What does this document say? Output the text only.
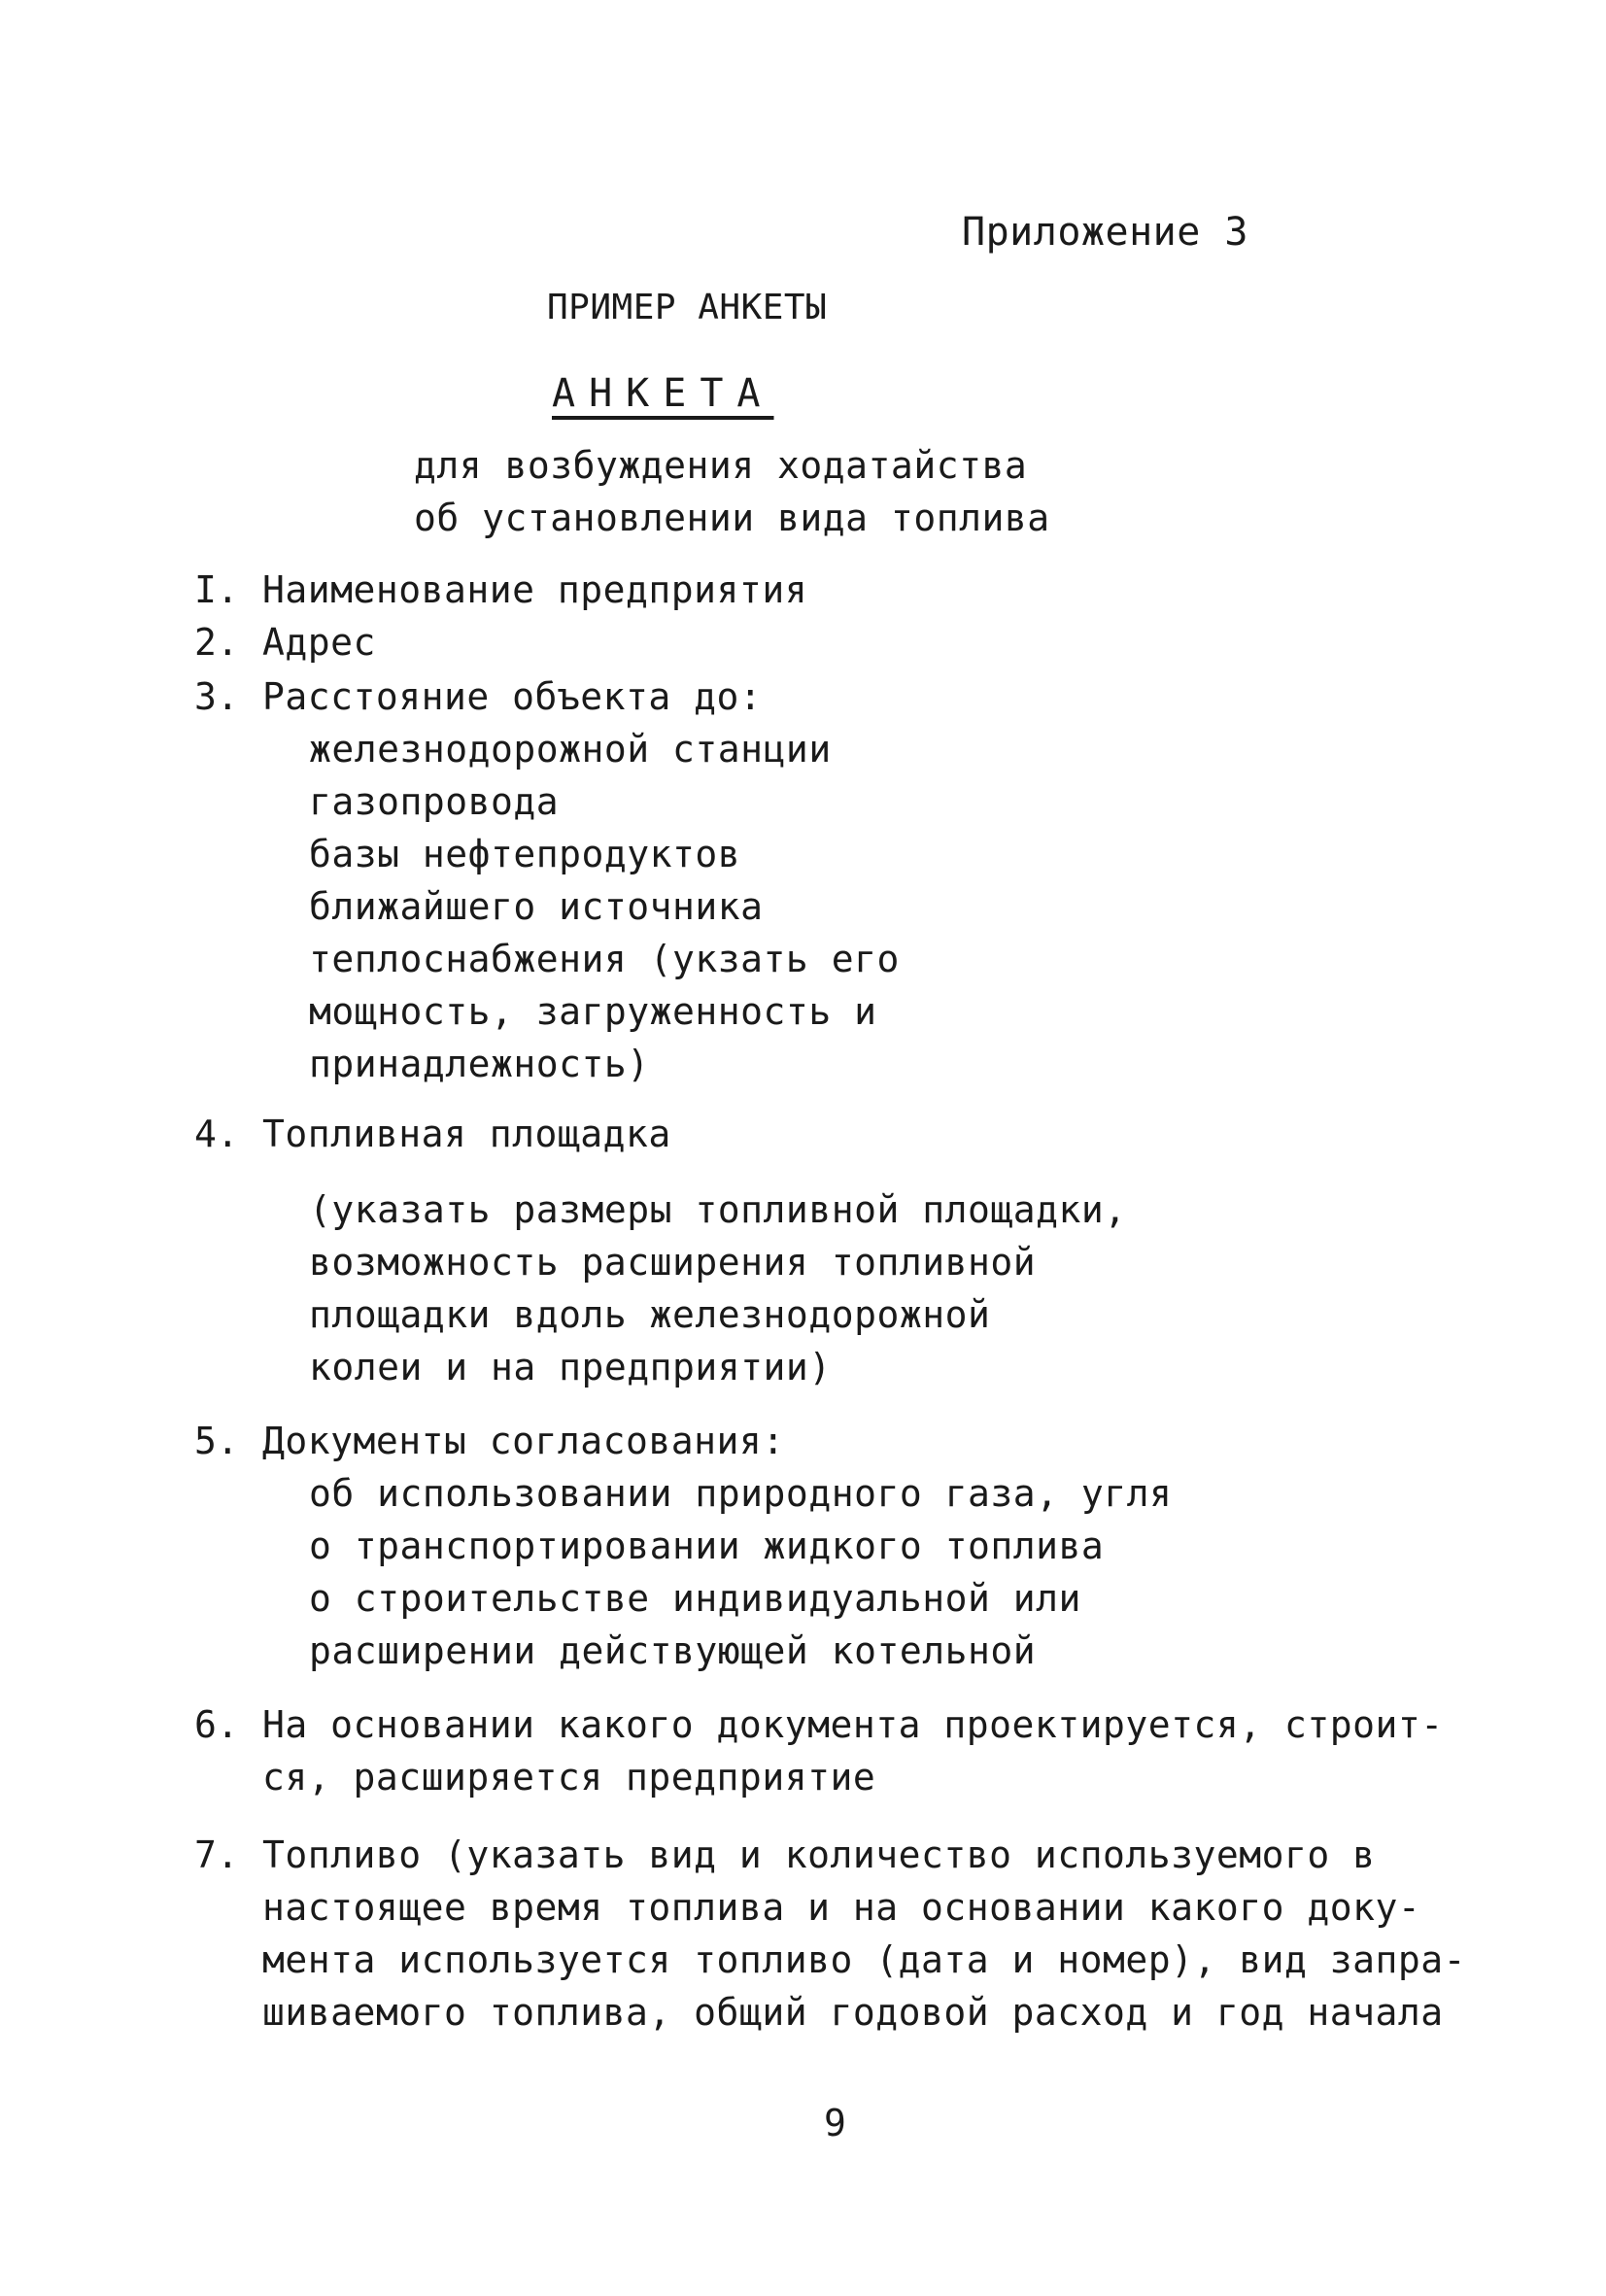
Приложение 3
ПРИМЕР АНКЕТЫ
АНКЕТА
для возбуждения ходатайства
об установлении вида топлива
I. Наименование предприятия
2. Адрес
3. Расстояние объекта до:
железнодорожной станции
газопровода
базы нефтепродуктов
ближайшего источника
теплоснабжения (укзать его
мощность, загруженность и
принадлежность)
4. Топливная площадка
(указать размеры топливной площадки,
возможность расширения топливной
площадки вдоль железнодорожной
колеи и на предприятии)
5. Документы согласования:
об использовании природного газа, угля
о транспортировании жидкого топлива
о строительстве индивидуальной или
расширении действующей котельной
6. На основании какого документа проектируется, строит-
ся, расширяется предприятие
7. Топливо (указать вид и количество используемого в
настоящее время топлива и на основании какого доку-
мента используется топливо (дата и номер), вид запра-
шиваемого топлива, общий годовой расход и год начала
9
